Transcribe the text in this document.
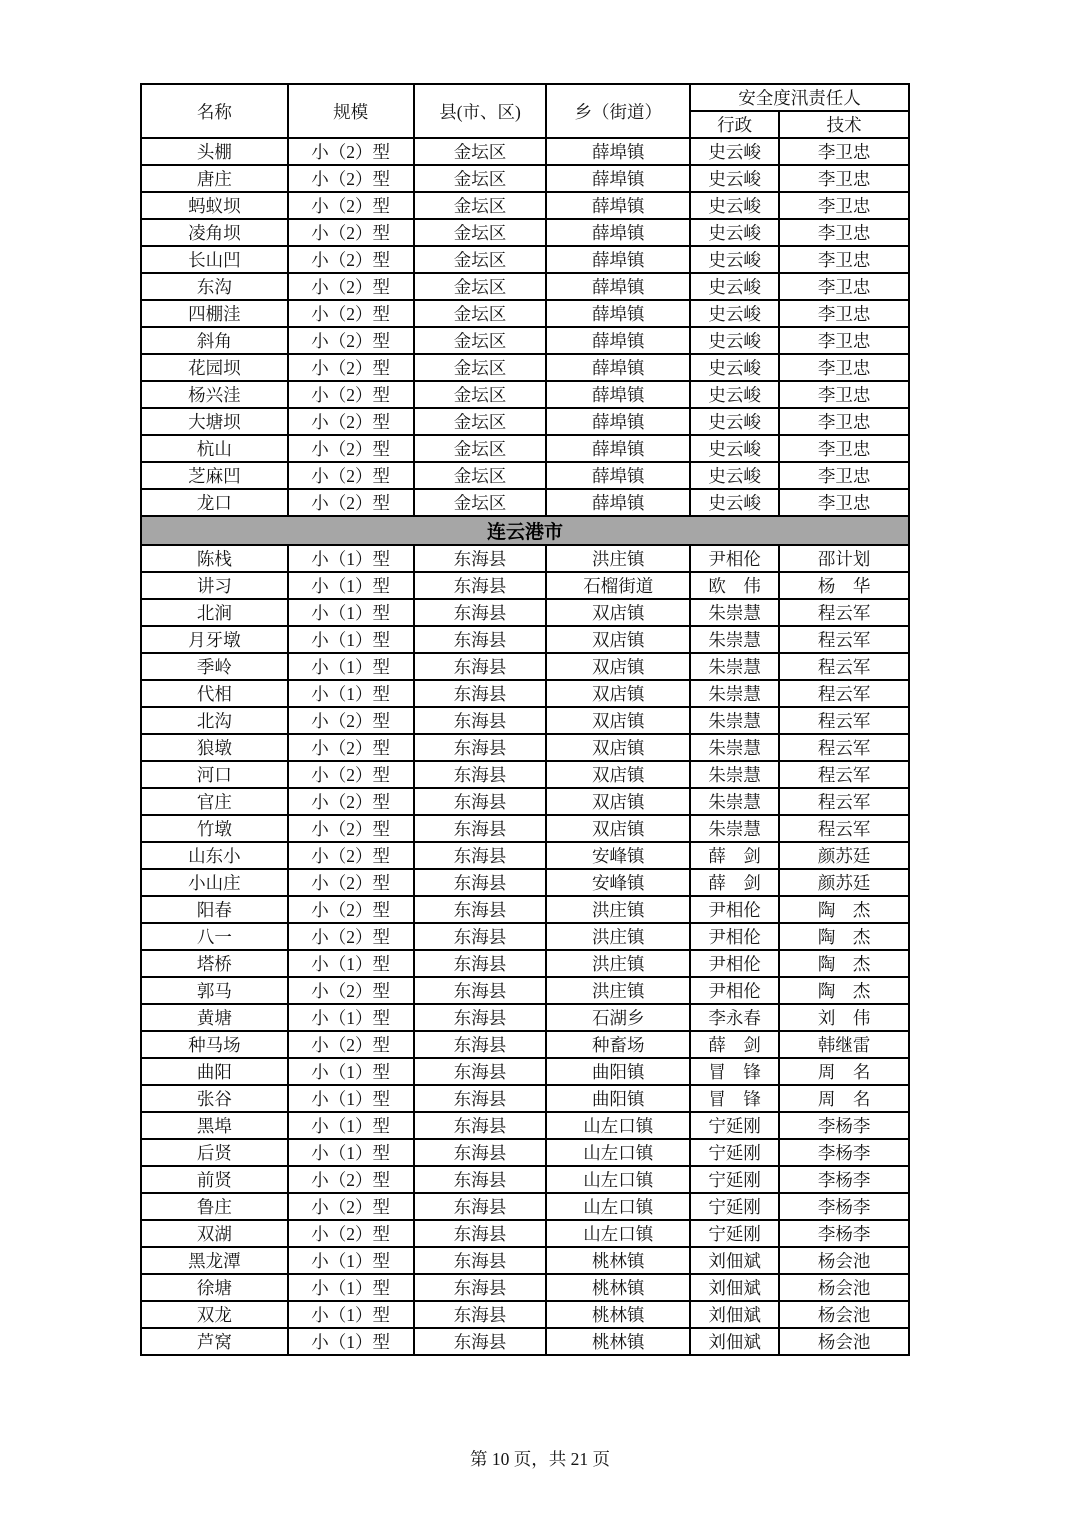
名称	规模	县(市、区)	乡（街道）	安全度汛责任人	
				行政	技术
头棚	小（2）型	金坛区	薛埠镇	史云峻	李卫忠
唐庄	小（2）型	金坛区	薛埠镇	史云峻	李卫忠
蚂蚁坝	小（2）型	金坛区	薛埠镇	史云峻	李卫忠
凌角坝	小（2）型	金坛区	薛埠镇	史云峻	李卫忠
长山凹	小（2）型	金坛区	薛埠镇	史云峻	李卫忠
东沟	小（2）型	金坛区	薛埠镇	史云峻	李卫忠
四棚洼	小（2）型	金坛区	薛埠镇	史云峻	李卫忠
斜角	小（2）型	金坛区	薛埠镇	史云峻	李卫忠
花园坝	小（2）型	金坛区	薛埠镇	史云峻	李卫忠
杨兴洼	小（2）型	金坛区	薛埠镇	史云峻	李卫忠
大塘坝	小（2）型	金坛区	薛埠镇	史云峻	李卫忠
杭山	小（2）型	金坛区	薛埠镇	史云峻	李卫忠
芝麻凹	小（2）型	金坛区	薛埠镇	史云峻	李卫忠
龙口	小（2）型	金坛区	薛埠镇	史云峻	李卫忠
连云港市					
陈栈	小（1）型	东海县	洪庄镇	尹相伦	邵计划
讲习	小（1）型	东海县	石榴街道	欧　伟	杨　华
北涧	小（1）型	东海县	双店镇	朱崇慧	程云军
月牙墩	小（1）型	东海县	双店镇	朱崇慧	程云军
季岭	小（1）型	东海县	双店镇	朱崇慧	程云军
代相	小（1）型	东海县	双店镇	朱崇慧	程云军
北沟	小（2）型	东海县	双店镇	朱崇慧	程云军
狼墩	小（2）型	东海县	双店镇	朱崇慧	程云军
河口	小（2）型	东海县	双店镇	朱崇慧	程云军
官庄	小（2）型	东海县	双店镇	朱崇慧	程云军
竹墩	小（2）型	东海县	双店镇	朱崇慧	程云军
山东小	小（2）型	东海县	安峰镇	薛　剑	颜苏廷
小山庄	小（2）型	东海县	安峰镇	薛　剑	颜苏廷
阳春	小（2）型	东海县	洪庄镇	尹相伦	陶　杰
八一	小（2）型	东海县	洪庄镇	尹相伦	陶　杰
塔桥	小（1）型	东海县	洪庄镇	尹相伦	陶　杰
郭马	小（2）型	东海县	洪庄镇	尹相伦	陶　杰
黄塘	小（1）型	东海县	石湖乡	李永春	刘　伟
种马场	小（2）型	东海县	种畜场	薛　剑	韩继雷
曲阳	小（1）型	东海县	曲阳镇	冒　锋	周　名
张谷	小（1）型	东海县	曲阳镇	冒　锋	周　名
黑埠	小（1）型	东海县	山左口镇	宁延刚	李杨李
后贤	小（1）型	东海县	山左口镇	宁延刚	李杨李
前贤	小（2）型	东海县	山左口镇	宁延刚	李杨李
鲁庄	小（2）型	东海县	山左口镇	宁延刚	李杨李
双湖	小（2）型	东海县	山左口镇	宁延刚	李杨李
黑龙潭	小（1）型	东海县	桃林镇	刘佃斌	杨会池
徐塘	小（1）型	东海县	桃林镇	刘佃斌	杨会池
双龙	小（1）型	东海县	桃林镇	刘佃斌	杨会池
芦窝	小（1）型	东海县	桃林镇	刘佃斌	杨会池
第 10 页，共 21 页
